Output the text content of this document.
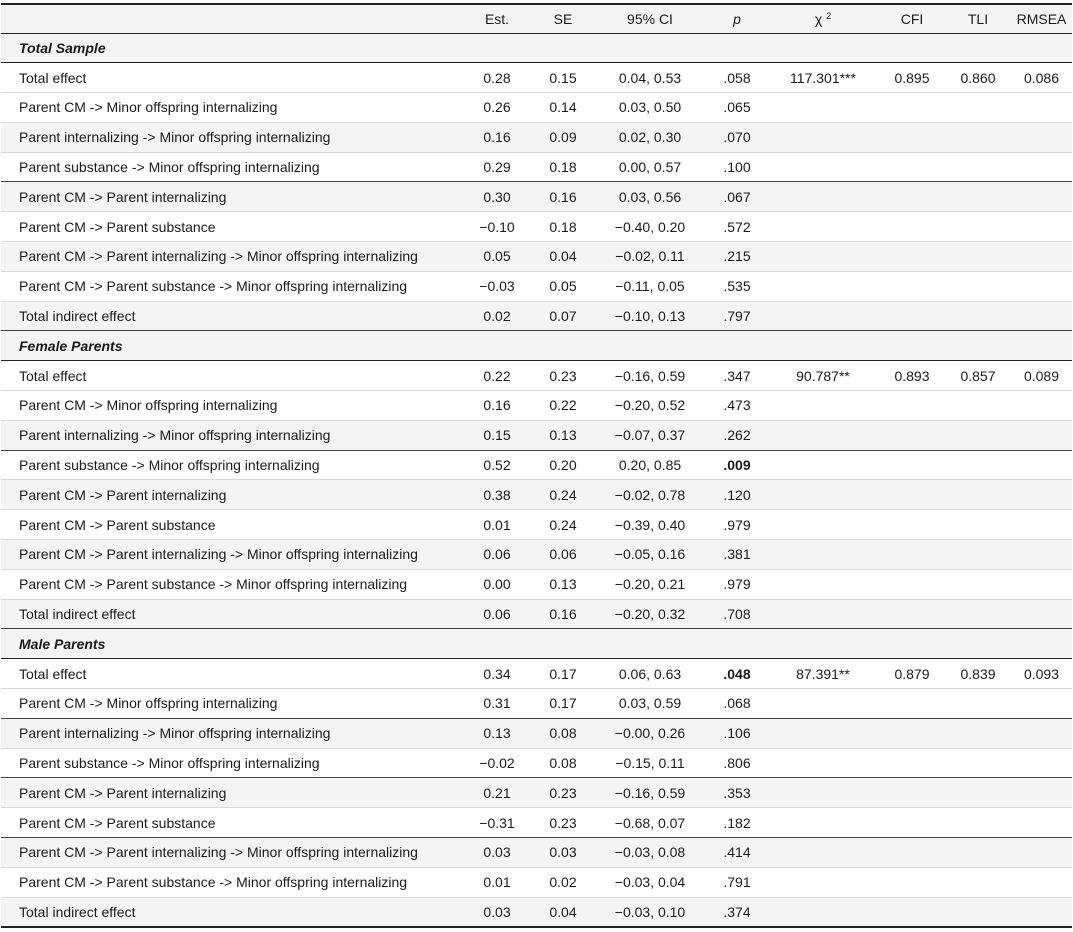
	Est.	SE	95% CI	p	χ $^2$	CFI	TLI	RMSEA
Total Sample								
Total effect	0.28	0.15	0.04, 0.53	.058	117.301***	0.895	0.860	0.086
Parent CM -> Minor offspring internalizing	0.26	0.14	0.03, 0.50	.065				
Parent internalizing -> Minor offspring internalizing	0.16	0.09	0.02, 0.30	.070				
Parent substance -> Minor offspring internalizing	0.29	0.18	0.00, 0.57	.100				
Parent CM -> Parent internalizing	0.30	0.16	0.03, 0.56	.067				
Parent CM -> Parent substance	−0.10	0.18	−0.40, 0.20	.572				
Parent CM -> Parent internalizing -> Minor offspring internalizing	0.05	0.04	−0.02, 0.11	.215				
Parent CM -> Parent substance -> Minor offspring internalizing	−0.03	0.05	−0.11, 0.05	.535				
Total indirect effect	0.02	0.07	−0.10, 0.13	.797				
Female Parents								
Total effect	0.22	0.23	−0.16, 0.59	.347	90.787**	0.893	0.857	0.089
Parent CM -> Minor offspring internalizing	0.16	0.22	−0.20, 0.52	.473				
Parent internalizing -> Minor offspring internalizing	0.15	0.13	−0.07, 0.37	.262				
Parent substance -> Minor offspring internalizing	0.52	0.20	0.20, 0.85	.009				
Parent CM -> Parent internalizing	0.38	0.24	−0.02, 0.78	.120				
Parent CM -> Parent substance	0.01	0.24	−0.39, 0.40	.979				
Parent CM -> Parent internalizing -> Minor offspring internalizing	0.06	0.06	−0.05, 0.16	.381				
Parent CM -> Parent substance -> Minor offspring internalizing	0.00	0.13	−0.20, 0.21	.979				
Total indirect effect	0.06	0.16	−0.20, 0.32	.708				
Male Parents								
Total effect	0.34	0.17	0.06, 0.63	.048	87.391**	0.879	0.839	0.093
Parent CM -> Minor offspring internalizing	0.31	0.17	0.03, 0.59	.068				
Parent internalizing -> Minor offspring internalizing	0.13	0.08	−0.00, 0.26	.106				
Parent substance -> Minor offspring internalizing	−0.02	0.08	−0.15, 0.11	.806				
Parent CM -> Parent internalizing	0.21	0.23	−0.16, 0.59	.353				
Parent CM -> Parent substance	−0.31	0.23	−0.68, 0.07	.182				
Parent CM -> Parent internalizing -> Minor offspring internalizing	0.03	0.03	−0.03, 0.08	.414				
Parent CM -> Parent substance -> Minor offspring internalizing	0.01	0.02	−0.03, 0.04	.791				
Total indirect effect	0.03	0.04	−0.03, 0.10	.374				
